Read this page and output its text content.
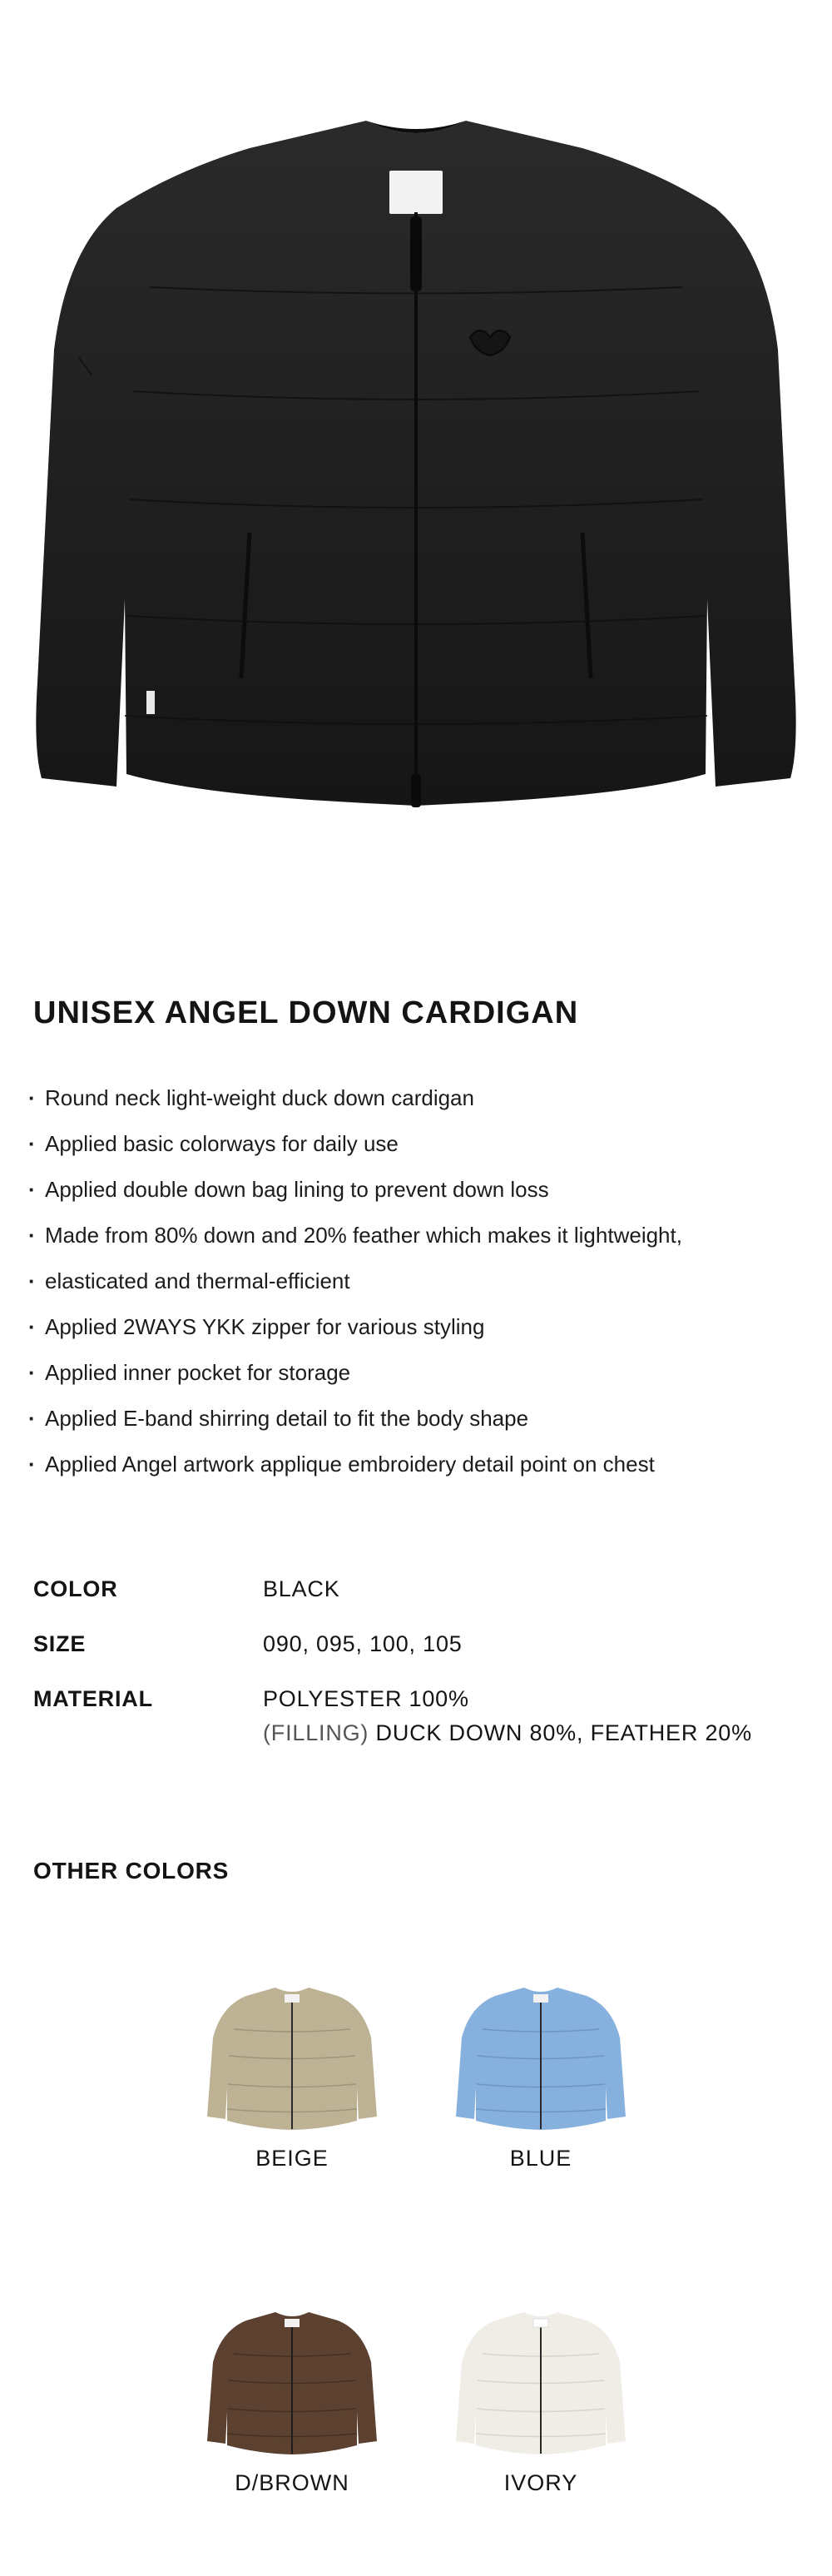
UNISEX ANGEL DOWN CARDIGAN
· Round neck light-weight duck down cardigan
· Applied basic colorways for daily use
· Applied double down bag lining to prevent down loss
· Made from 80% down and 20% feather which makes it lightweight,
· elasticated and thermal-efficient
· Applied 2WAYS YKK zipper for various styling
· Applied inner pocket for storage
· Applied E-band shirring detail to fit the body shape
· Applied Angel artwork applique embroidery detail point on chest
COLOR	BLACK
SIZE	090, 095, 100, 105
MATERIAL	POLYESTER 100%
(FILLING) DUCK DOWN 80%, FEATHER 20%
OTHER COLORS
BEIGE	BLUE
D/BROWN	IVORY
